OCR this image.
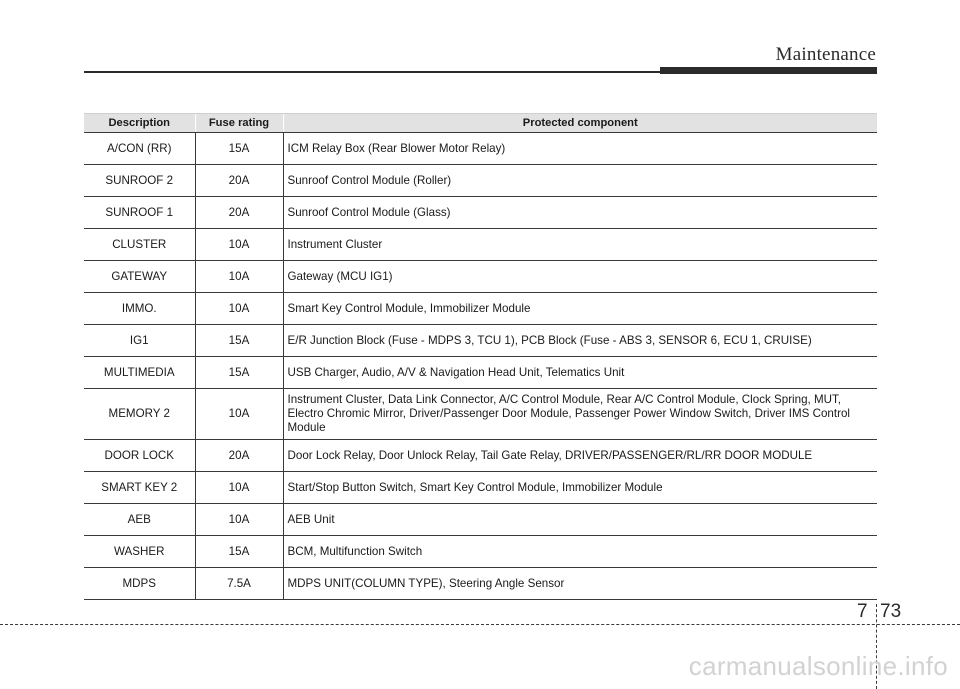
Maintenance
Description	Fuse rating	Protected component
A/CON (RR)	15A	ICM Relay Box (Rear Blower Motor Relay)
SUNROOF 2	20A	Sunroof Control Module (Roller)
SUNROOF 1	20A	Sunroof Control Module (Glass)
CLUSTER	10A	Instrument Cluster
GATEWAY	10A	Gateway (MCU IG1)
IMMO.	10A	Smart Key Control Module, Immobilizer Module
IG1	15A	E/R Junction Block (Fuse - MDPS 3, TCU 1), PCB Block (Fuse - ABS 3, SENSOR 6, ECU 1, CRUISE)
MULTIMEDIA	15A	USB Charger, Audio, A/V & Navigation Head Unit, Telematics Unit
MEMORY 2	10A	Instrument Cluster, Data Link Connector, A/C Control Module, Rear A/C Control Module, Clock Spring, MUT, Electro Chromic Mirror, Driver/Passenger Door Module, Passenger Power Window Switch, Driver IMS Control Module
DOOR LOCK	20A	Door Lock Relay, Door Unlock Relay, Tail Gate Relay, DRIVER/PASSENGER/RL/RR DOOR MODULE
SMART KEY 2	10A	Start/Stop Button Switch, Smart Key Control Module, Immobilizer Module
AEB	10A	AEB Unit
WASHER	15A	BCM, Multifunction Switch
MDPS	7.5A	MDPS UNIT(COLUMN TYPE), Steering Angle Sensor
7 73
carmanualsonline.info
